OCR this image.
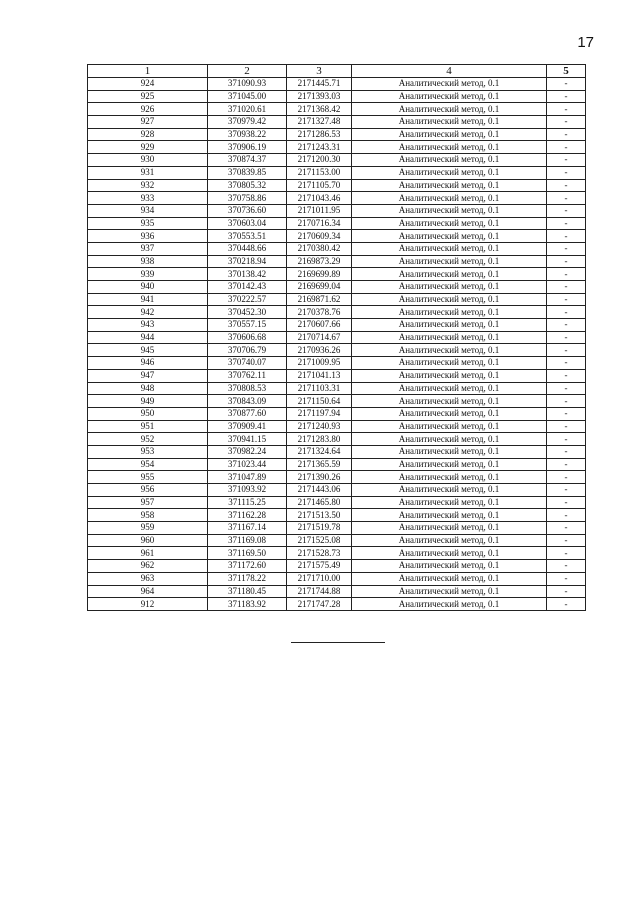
17
1	2	3	4	5
924	371090.93	2171445.71	Аналитический метод, 0.1	-
925	371045.00	2171393.03	Аналитический метод, 0.1	-
926	371020.61	2171368.42	Аналитический метод, 0.1	-
927	370979.42	2171327.48	Аналитический метод, 0.1	-
928	370938.22	2171286.53	Аналитический метод, 0.1	-
929	370906.19	2171243.31	Аналитический метод, 0.1	-
930	370874.37	2171200.30	Аналитический метод, 0.1	-
931	370839.85	2171153.00	Аналитический метод, 0.1	-
932	370805.32	2171105.70	Аналитический метод, 0.1	-
933	370758.86	2171043.46	Аналитический метод, 0.1	-
934	370736.60	2171011.95	Аналитический метод, 0.1	-
935	370603.04	2170716.34	Аналитический метод, 0.1	-
936	370553.51	2170609.34	Аналитический метод, 0.1	-
937	370448.66	2170380.42	Аналитический метод, 0.1	-
938	370218.94	2169873.29	Аналитический метод, 0.1	-
939	370138.42	2169699.89	Аналитический метод, 0.1	-
940	370142.43	2169699.04	Аналитический метод, 0.1	-
941	370222.57	2169871.62	Аналитический метод, 0.1	-
942	370452.30	2170378.76	Аналитический метод, 0.1	-
943	370557.15	2170607.66	Аналитический метод, 0.1	-
944	370606.68	2170714.67	Аналитический метод, 0.1	-
945	370706.79	2170936.26	Аналитический метод, 0.1	-
946	370740.07	2171009.95	Аналитический метод, 0.1	-
947	370762.11	2171041.13	Аналитический метод, 0.1	-
948	370808.53	2171103.31	Аналитический метод, 0.1	-
949	370843.09	2171150.64	Аналитический метод, 0.1	-
950	370877.60	2171197.94	Аналитический метод, 0.1	-
951	370909.41	2171240.93	Аналитический метод, 0.1	-
952	370941.15	2171283.80	Аналитический метод, 0.1	-
953	370982.24	2171324.64	Аналитический метод, 0.1	-
954	371023.44	2171365.59	Аналитический метод, 0.1	-
955	371047.89	2171390.26	Аналитический метод, 0.1	-
956	371093.92	2171443.06	Аналитический метод, 0.1	-
957	371115.25	2171465.80	Аналитический метод, 0.1	-
958	371162.28	2171513.50	Аналитический метод, 0.1	-
959	371167.14	2171519.78	Аналитический метод, 0.1	-
960	371169.08	2171525.08	Аналитический метод, 0.1	-
961	371169.50	2171528.73	Аналитический метод, 0.1	-
962	371172.60	2171575.49	Аналитический метод, 0.1	-
963	371178.22	2171710.00	Аналитический метод, 0.1	-
964	371180.45	2171744.88	Аналитический метод, 0.1	-
912	371183.92	2171747.28	Аналитический метод, 0.1	-
